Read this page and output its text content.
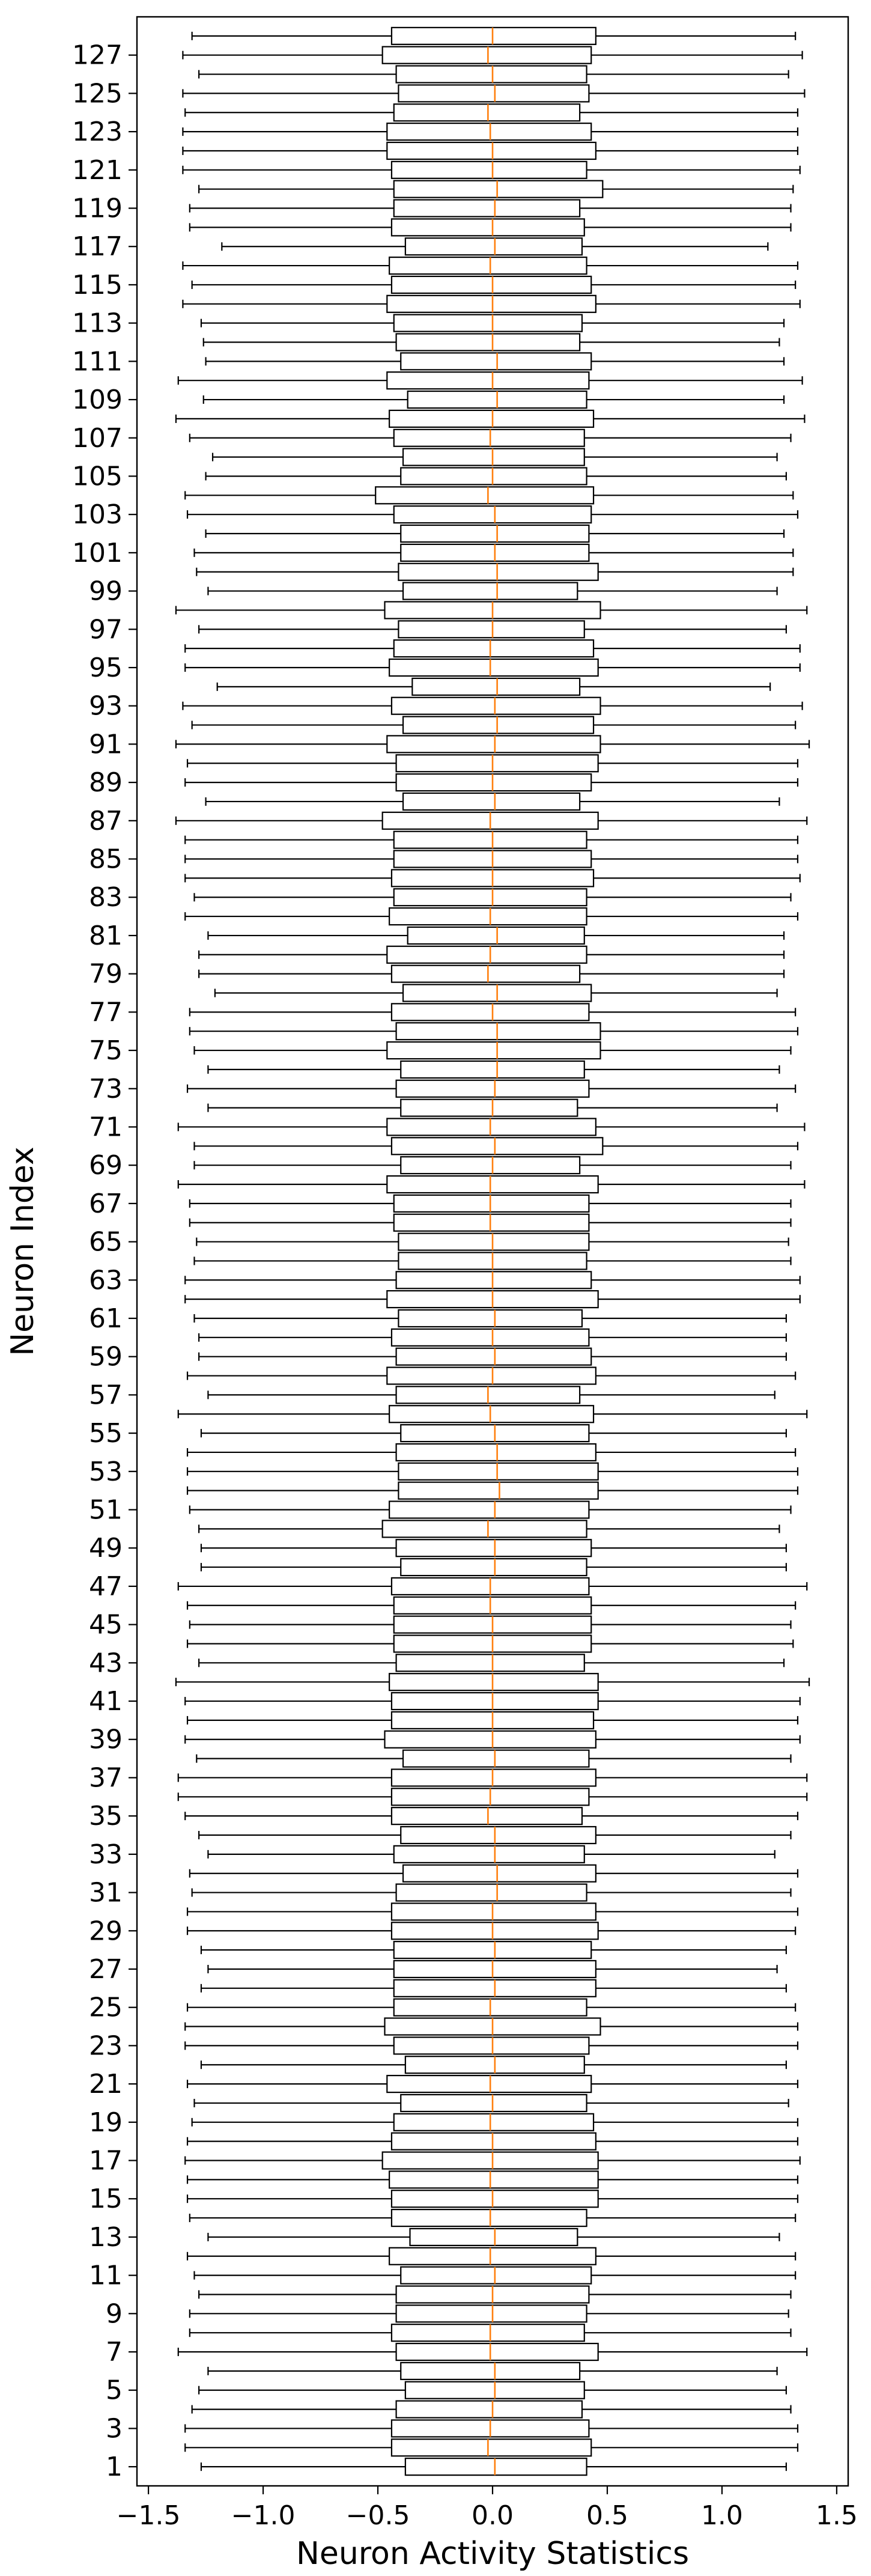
−1.5 −1.0 −0.5 0.0	0.5	1.0	1.5
1
3
5
7
9
11
13
15
17
19
21
23
25
27
29
31
33
35
37
39
41
43
45
47
49
51
53
55
57
59
61
63
65
67
69
71
73
75
77
79
81
83
85
87
89
91
93
95
97
99
101
103
105
107
109
111
113
115
117
119
121
123
125
127
Neuron Activity Statistics
Neuron Index
